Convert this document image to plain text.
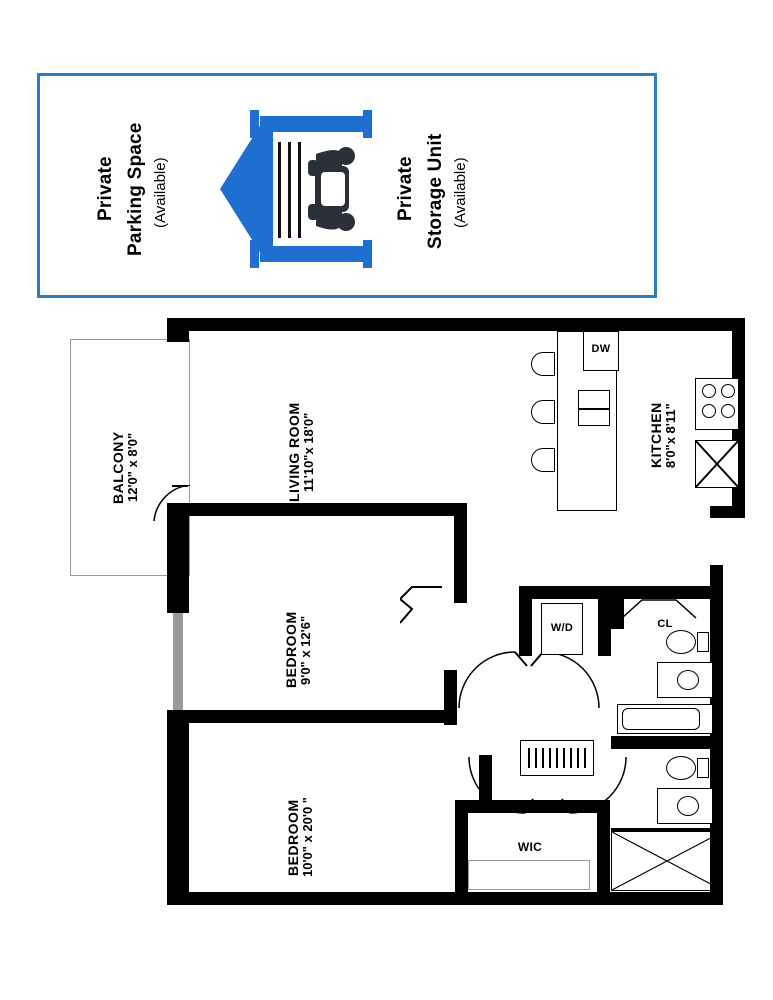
Private Parking Space (Available)	Private Storage Unit (Available)
BALCONY 12'0" x 8'0"	LIVING ROOM 11'10"x 18'0"	KITCHEN 8'0"x 8'11"
DW
BEDROOM 9'0" x 12'6"
BEDROOM 10'0" x 20'0 "
W/D	CL
WIC
